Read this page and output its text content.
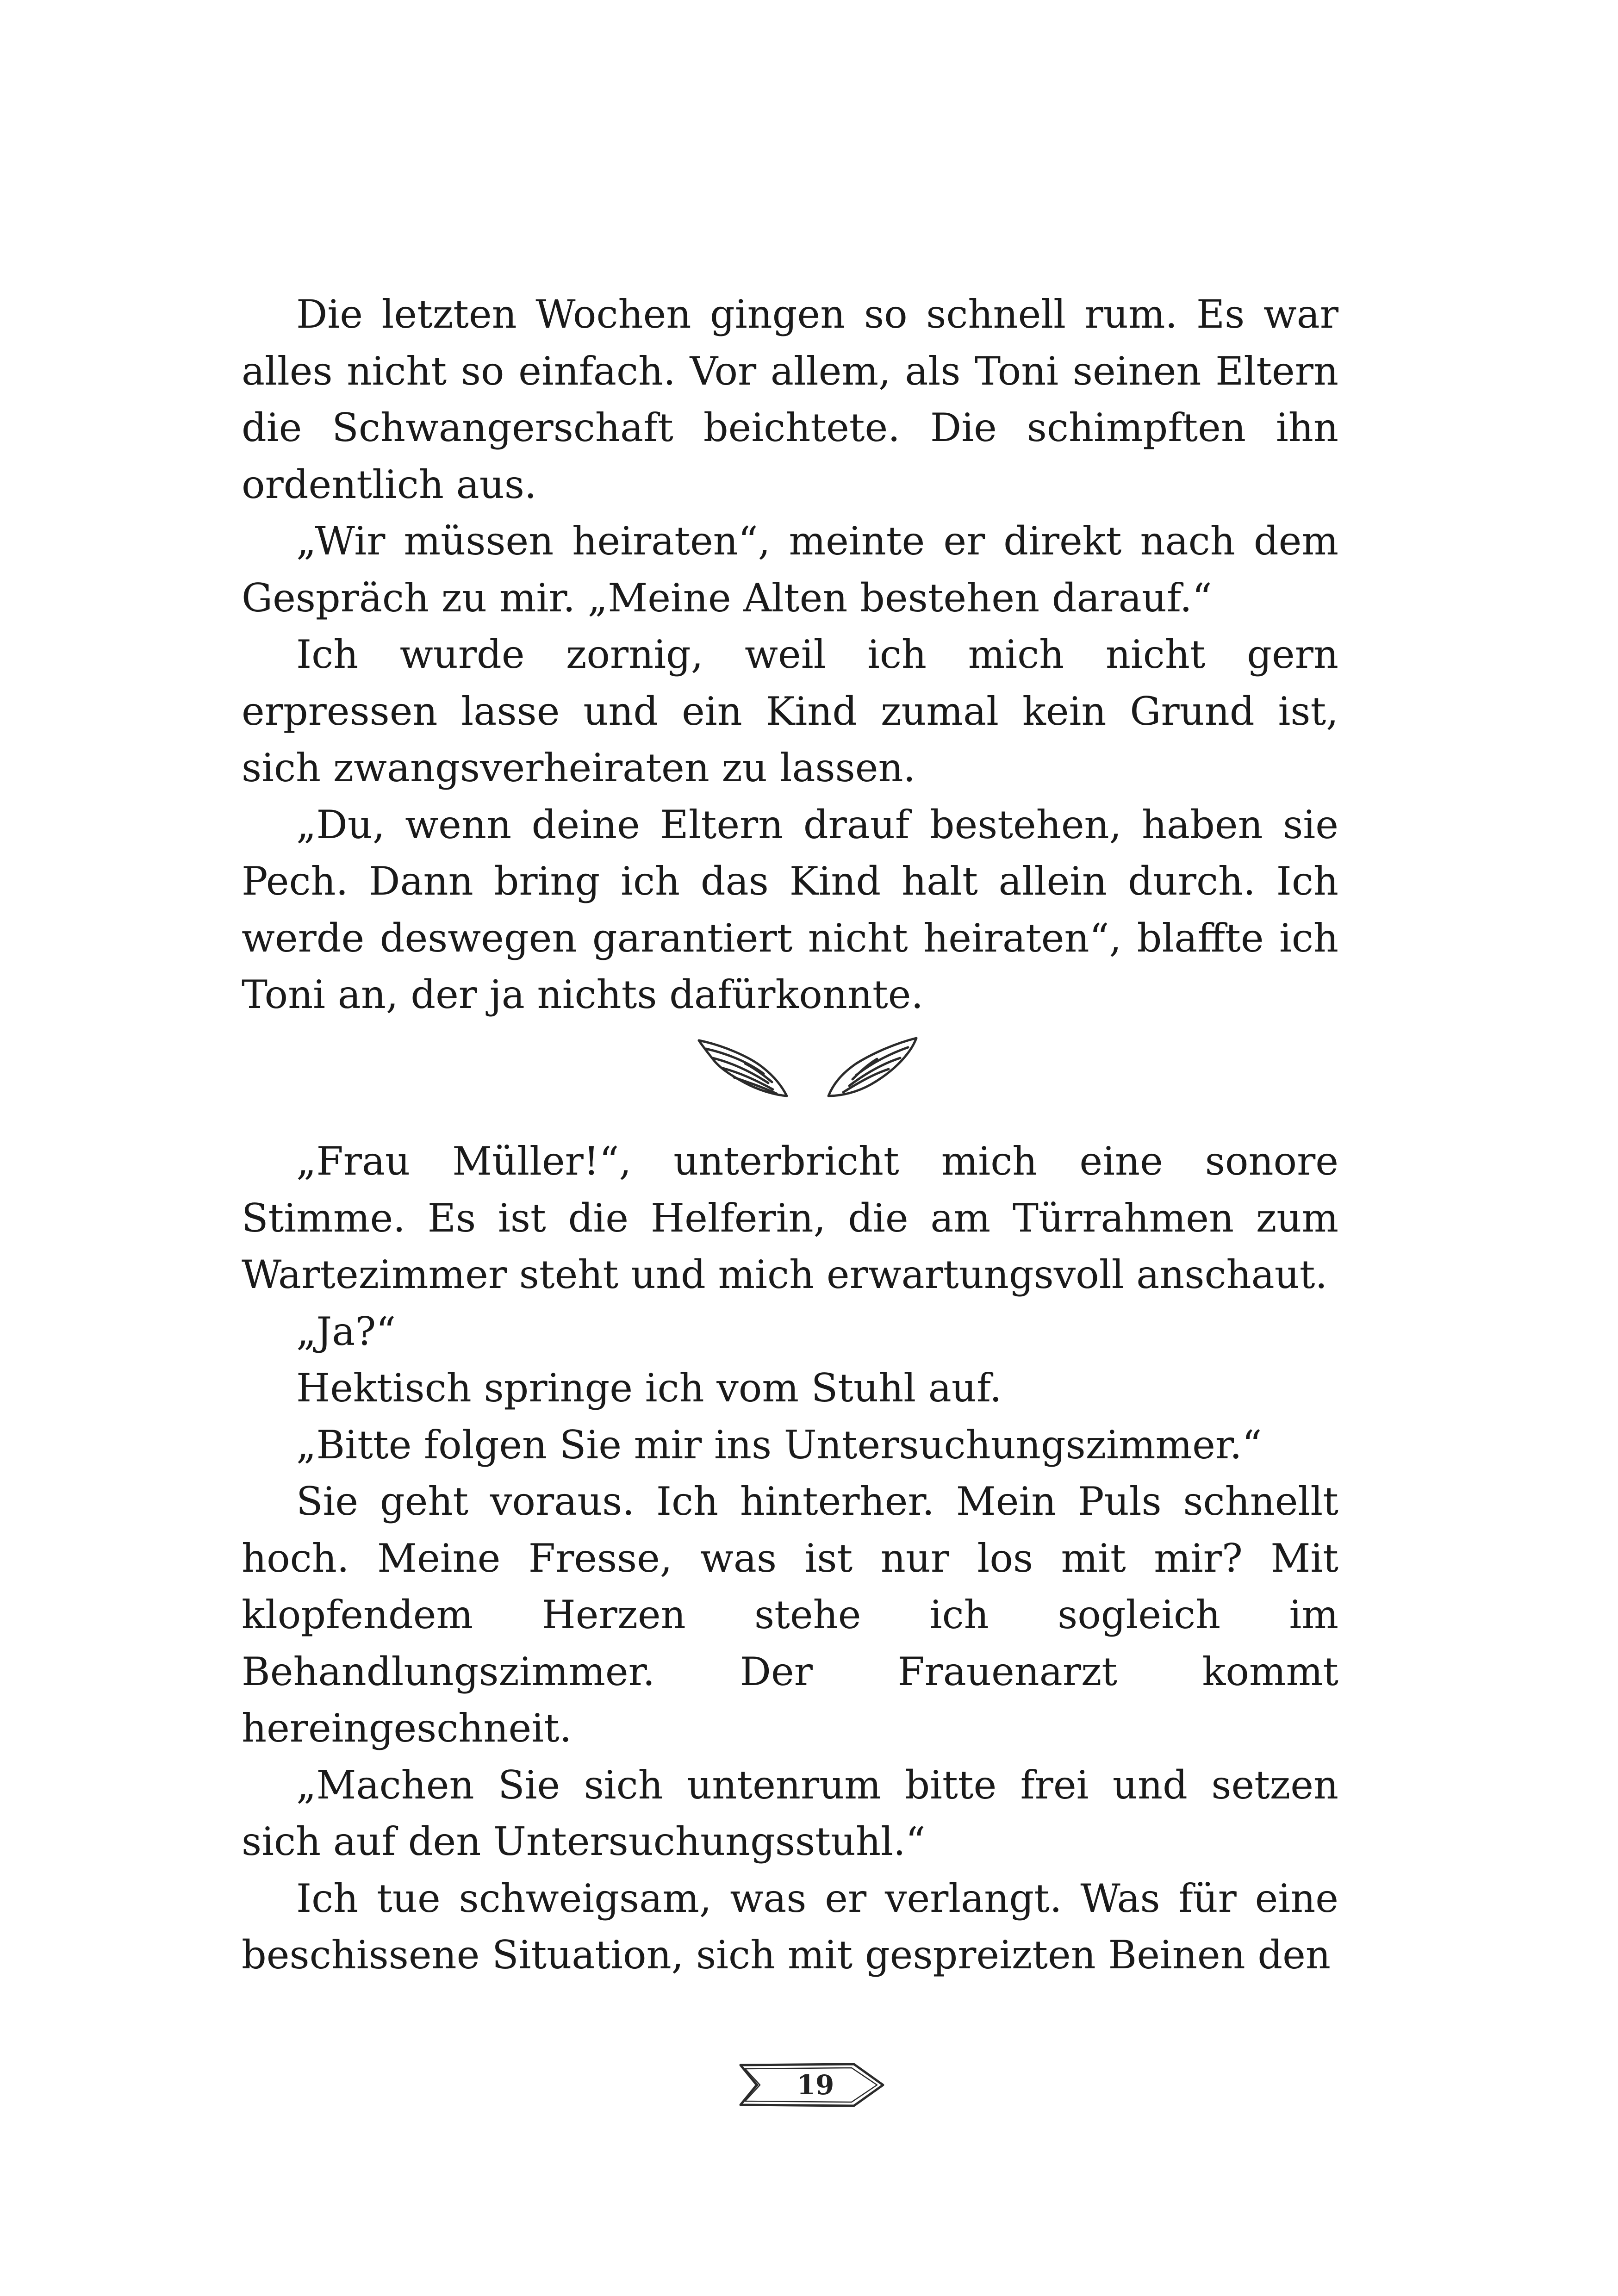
Die letzten Wochen gingen so schnell rum. Es war alles nicht so einfach. Vor allem, als Toni seinen Eltern die Schwangerschaft beichtete. Die schimpften ihn ordentlich aus.

„Wir müssen heiraten“, meinte er direkt nach dem Gespräch zu mir. „Meine Alten bestehen darauf.“

Ich wurde zornig, weil ich mich nicht gern erpressen lasse und ein Kind zumal kein Grund ist, sich zwangsverheiraten zu lassen.

„Du, wenn deine Eltern drauf bestehen, haben sie Pech. Dann bring ich das Kind halt allein durch. Ich werde deswegen garantiert nicht heiraten“, blaffte ich Toni an, der ja nichts dafürkonnte.

„Frau Müller!“, unterbricht mich eine sonore Stimme. Es ist die Helferin, die am Türrahmen zum Wartezimmer steht und mich erwartungsvoll anschaut.

„Ja?“

Hektisch springe ich vom Stuhl auf.

„Bitte folgen Sie mir ins Untersuchungszimmer.“

Sie geht voraus. Ich hinterher. Mein Puls schnellt hoch. Meine Fresse, was ist nur los mit mir? Mit klopfendem Herzen stehe ich sogleich im Behandlungszimmer. Der Frauenarzt kommt hereingeschneit.

„Machen Sie sich untenrum bitte frei und setzen sich auf den Untersuchungsstuhl.“

Ich tue schweigsam, was er verlangt. Was für eine beschissene Situation, sich mit gespreizten Beinen den

19
